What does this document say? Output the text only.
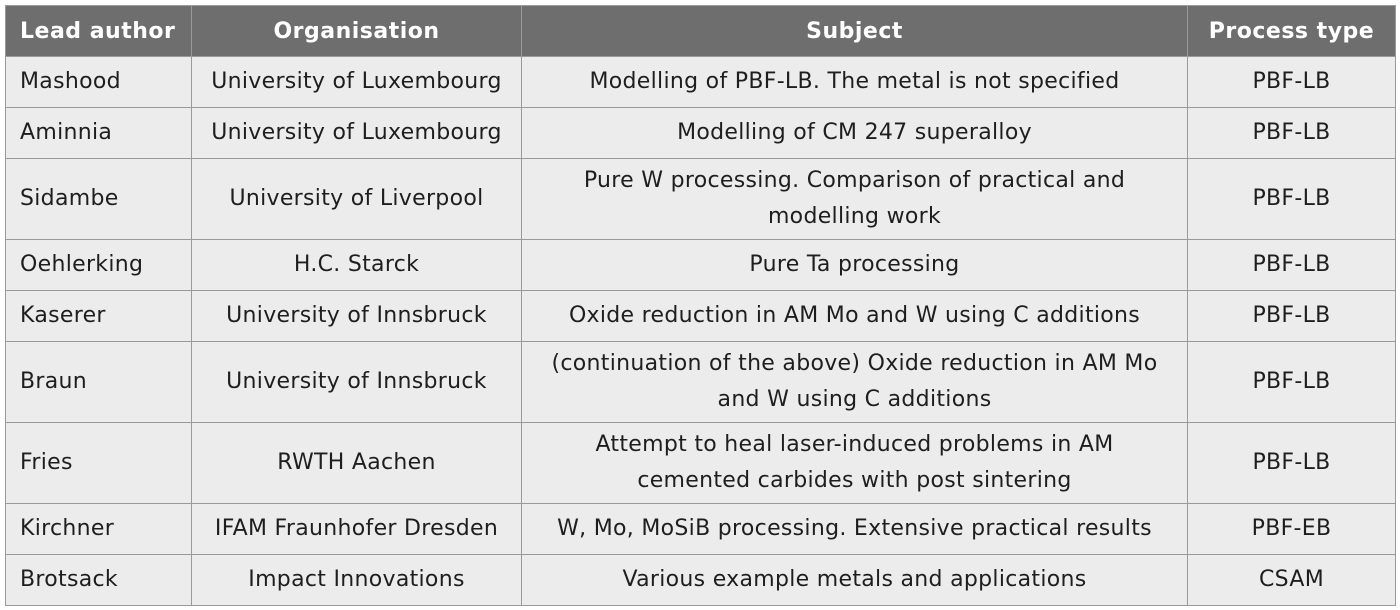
Lead author	Organisation	Subject	Process type
Mashood	University of Luxembourg	Modelling of PBF-LB. The metal is not specified	PBF-LB
Aminnia	University of Luxembourg	Modelling of CM 247 superalloy	PBF-LB
Sidambe	University of Liverpool	Pure W processing. Comparison of practical and modelling work	PBF-LB
Oehlerking	H.C. Starck	Pure Ta processing	PBF-LB
Kaserer	University of Innsbruck	Oxide reduction in AM Mo and W using C additions	PBF-LB
Braun	University of Innsbruck	(continuation of the above) Oxide reduction in AM Mo and W using C additions	PBF-LB
Fries	RWTH Aachen	Attempt to heal laser-induced problems in AM cemented carbides with post sintering	PBF-LB
Kirchner	IFAM Fraunhofer Dresden	W, Mo, MoSiB processing. Extensive practical results	PBF-EB
Brotsack	Impact Innovations	Various example metals and applications	CSAM
